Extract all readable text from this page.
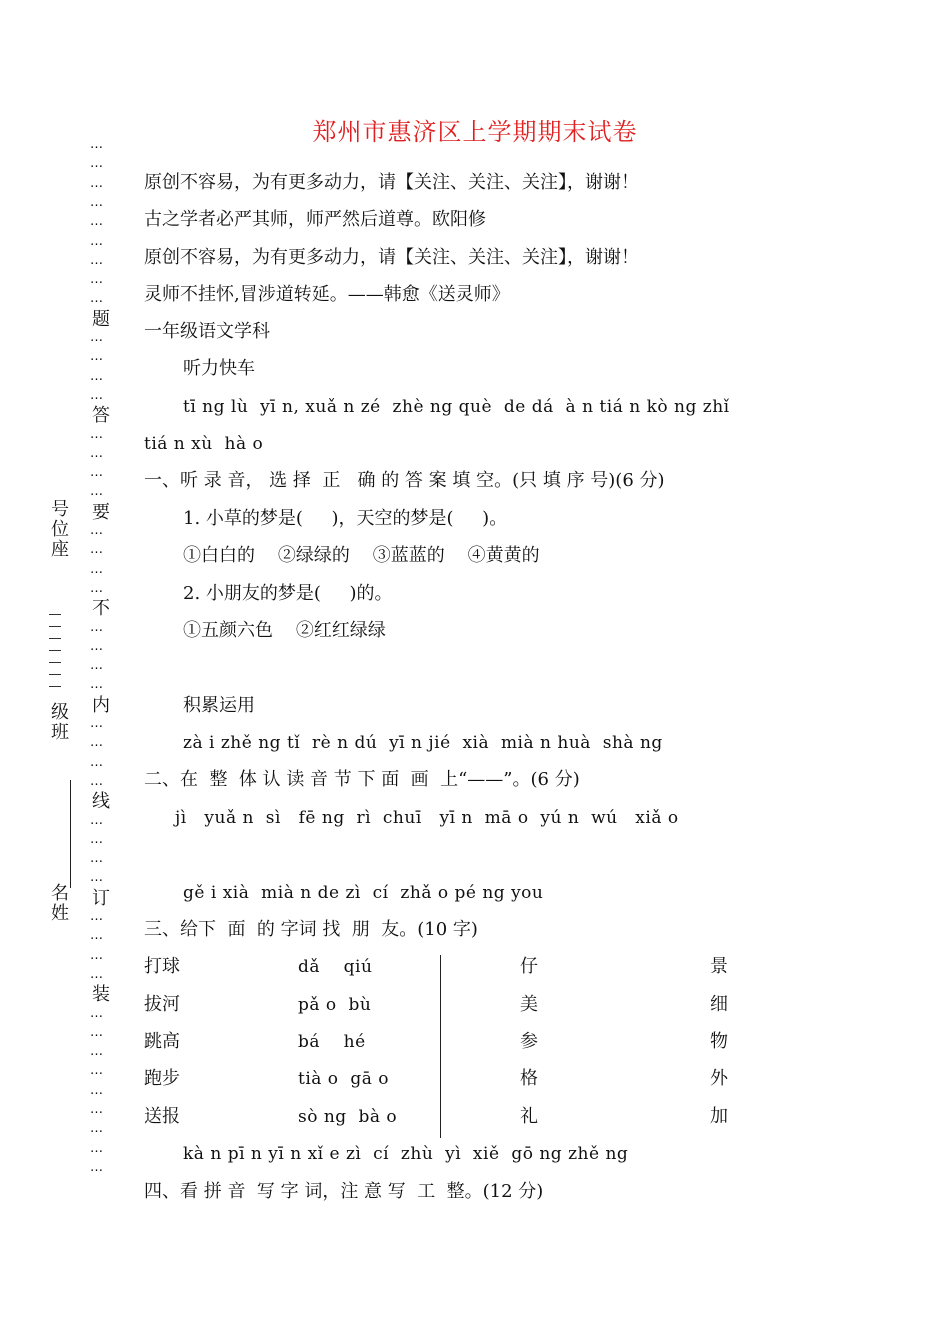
郑州市惠济区上学期期末试卷
…
…
…
…
…
…
…
…
…
题
…
…
…
…
答
…
…
…
…
要
…
…
…
…
不
…
…
…
…
内
…
…
…
…
线
…
…
…
…
订
…
…
…
…
装
…
…
…
…
…
…
…
…
…
号
位
座
级
班
名
姓
原创不容易，为有更多动力，请【关注、关注、关注】，谢谢！
古之学者必严其师，师严然后道尊。欧阳修
原创不容易，为有更多动力，请【关注、关注、关注】，谢谢！
灵师不挂怀,冒涉道转延。——韩愈《送灵师》
一年级语文学科
听力快车
tī ng lù  yī n, xuǎ n zé  zhè ng què  de dá  à n tiá n kò ng zhǐ
tiá n xù  hà o
一、听 录 音， 选 择  正   确 的 答 案 填 空。(只 填 序 号)(6 分)
1. 小草的梦是(     )，天空的梦是(     )。
①白白的    ②绿绿的    ③蓝蓝的    ④黄黄的
2. 小朋友的梦是(     )的。
①五颜六色    ②红红绿绿
积累运用
zà i zhě ng tǐ  rè n dú  yī n jié  xià  mià n huà  shà ng
二、在  整  体 认 读 音 节 下 面  画  上“——”。(6 分)
jì   yuǎ n  sì   fē ng  rì  chuī   yī n  mā o  yú n  wú   xiǎ o
gě i xià  mià n de zì  cí  zhǎ o pé ng you
三、给下  面  的 字词 找  朋  友。(10 字)
打球	dǎ    qiú	仔	景
拔河	pǎ o  bù	美	细
跳高	bá    hé	参	物
跑步	tià o  gā o	格	外
送报	sò ng  bà o	礼	加
kà n pī n yī n xǐ e zì  cí  zhù  yì  xiě  gō ng zhě ng
四、看 拼 音  写 字 词，注 意 写  工  整。(12 分)
